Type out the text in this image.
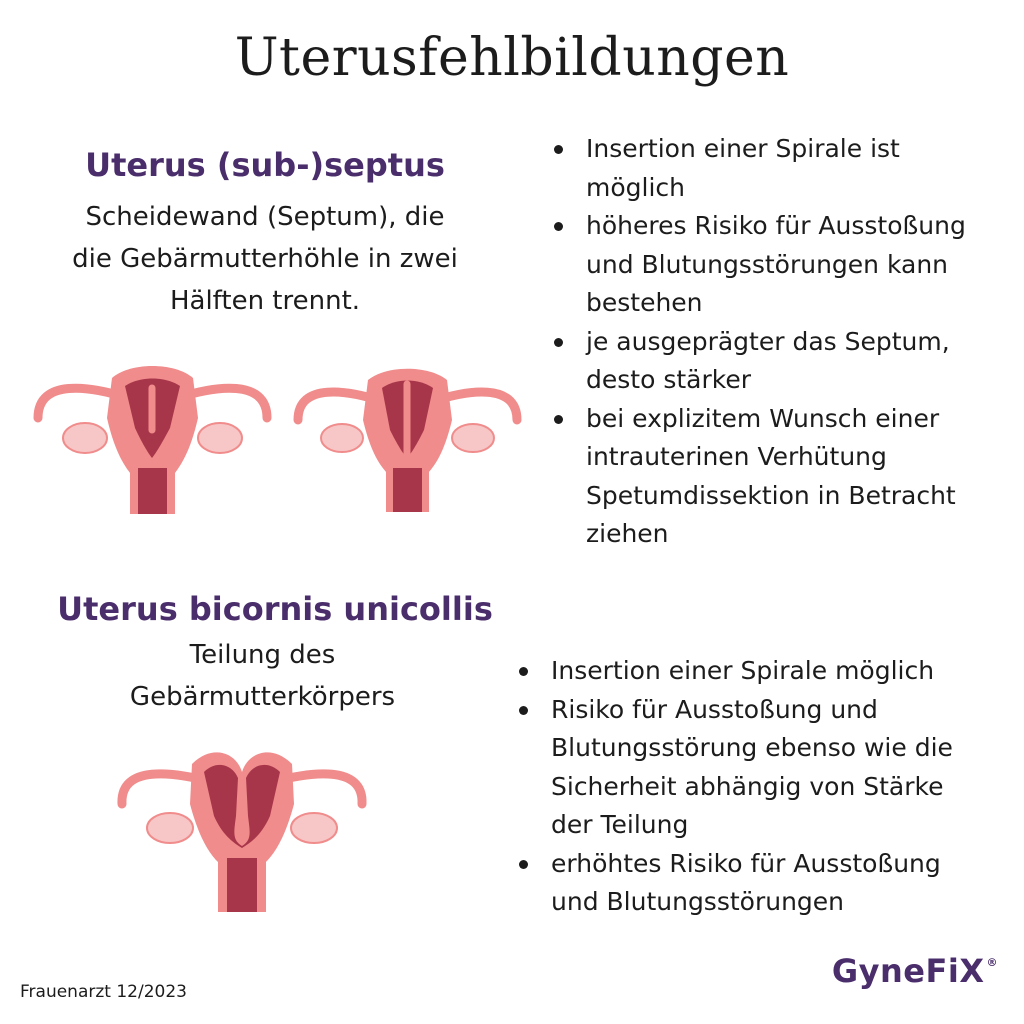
Uterusfehlbildungen
Uterus (sub-)septus

Scheidewand (Septum), die
die Gebärmutterhöhle in zwei
Hälften trennt.

Insertion einer Spirale ist
möglich
höheres Risiko für Ausstoßung
und Blutungsstörungen kann
bestehen
je ausgeprägter das Septum,
desto stärker
bei explizitem Wunsch einer
intrauterinen Verhütung
Spetumdissektion in Betracht
ziehen
Uterus bicornis unicollis

Teilung des
Gebärmutterkörpers

Insertion einer Spirale möglich
Risiko für Ausstoßung und
Blutungsstörung ebenso wie die
Sicherheit abhängig von Stärke
der Teilung
erhöhtes Risiko für Ausstoßung
und Blutungsstörungen

Frauenarzt 12/2023

GyneFiX ®
